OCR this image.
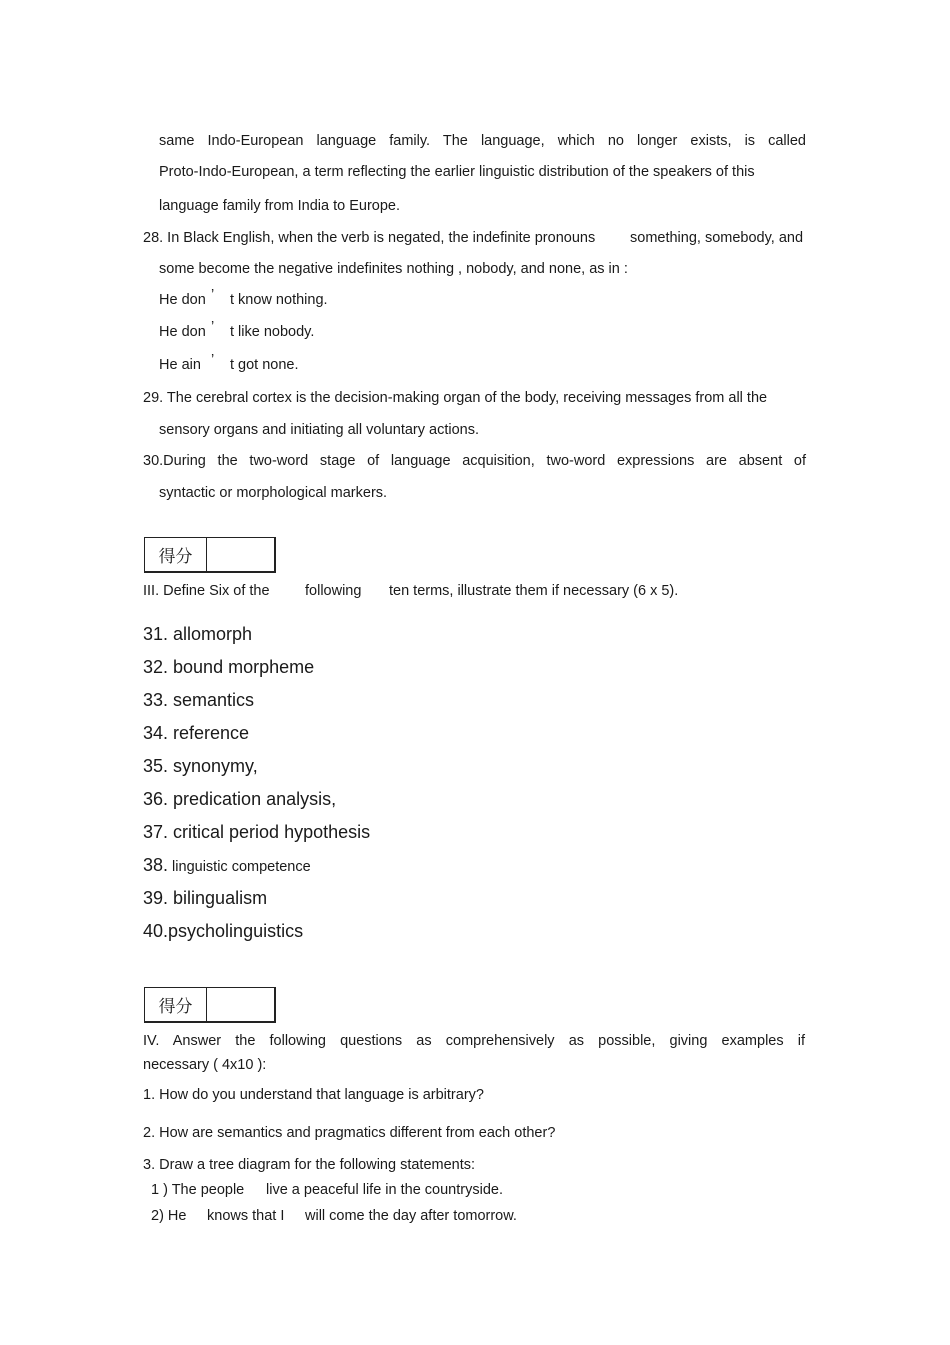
same Indo-European language family. The language, which no longer exists, is called
Proto-Indo-European, a term reflecting the earlier linguistic distribution of the speakers of this
language family from India to Europe.
28. In Black English, when the verb is negated, the indefinite pronouns something, somebody, and
some become the negative indefinites nothing , nobody, and none, as in :
He don ’ t know nothing.
He don ’ t like nobody.
He ain ’ t got none.
29. The cerebral cortex is the decision-making organ of the body, receiving messages from all the
sensory organs and initiating all voluntary actions.
30.During the two-word stage of language acquisition, two-word expressions are absent of
syntactic or morphological markers.
得分
III. Define Six of the following ten terms, illustrate them if necessary (6 x 5).
31. allomorph
32. bound morpheme
33. semantics
34. reference
35. synonymy,
36. predication analysis,
37. critical period hypothesis
38. linguistic competence
39. bilingualism
40.psycholinguistics
得分
IV. Answer the following questions as comprehensively as possible, giving examples if
necessary ( 4x10 ):
1. How do you understand that language is arbitrary?
2. How are semantics and pragmatics different from each other?
3. Draw a tree diagram for the following statements:
1 ) The people live a peaceful life in the countryside.
2) He knows that I will come the day after tomorrow.
